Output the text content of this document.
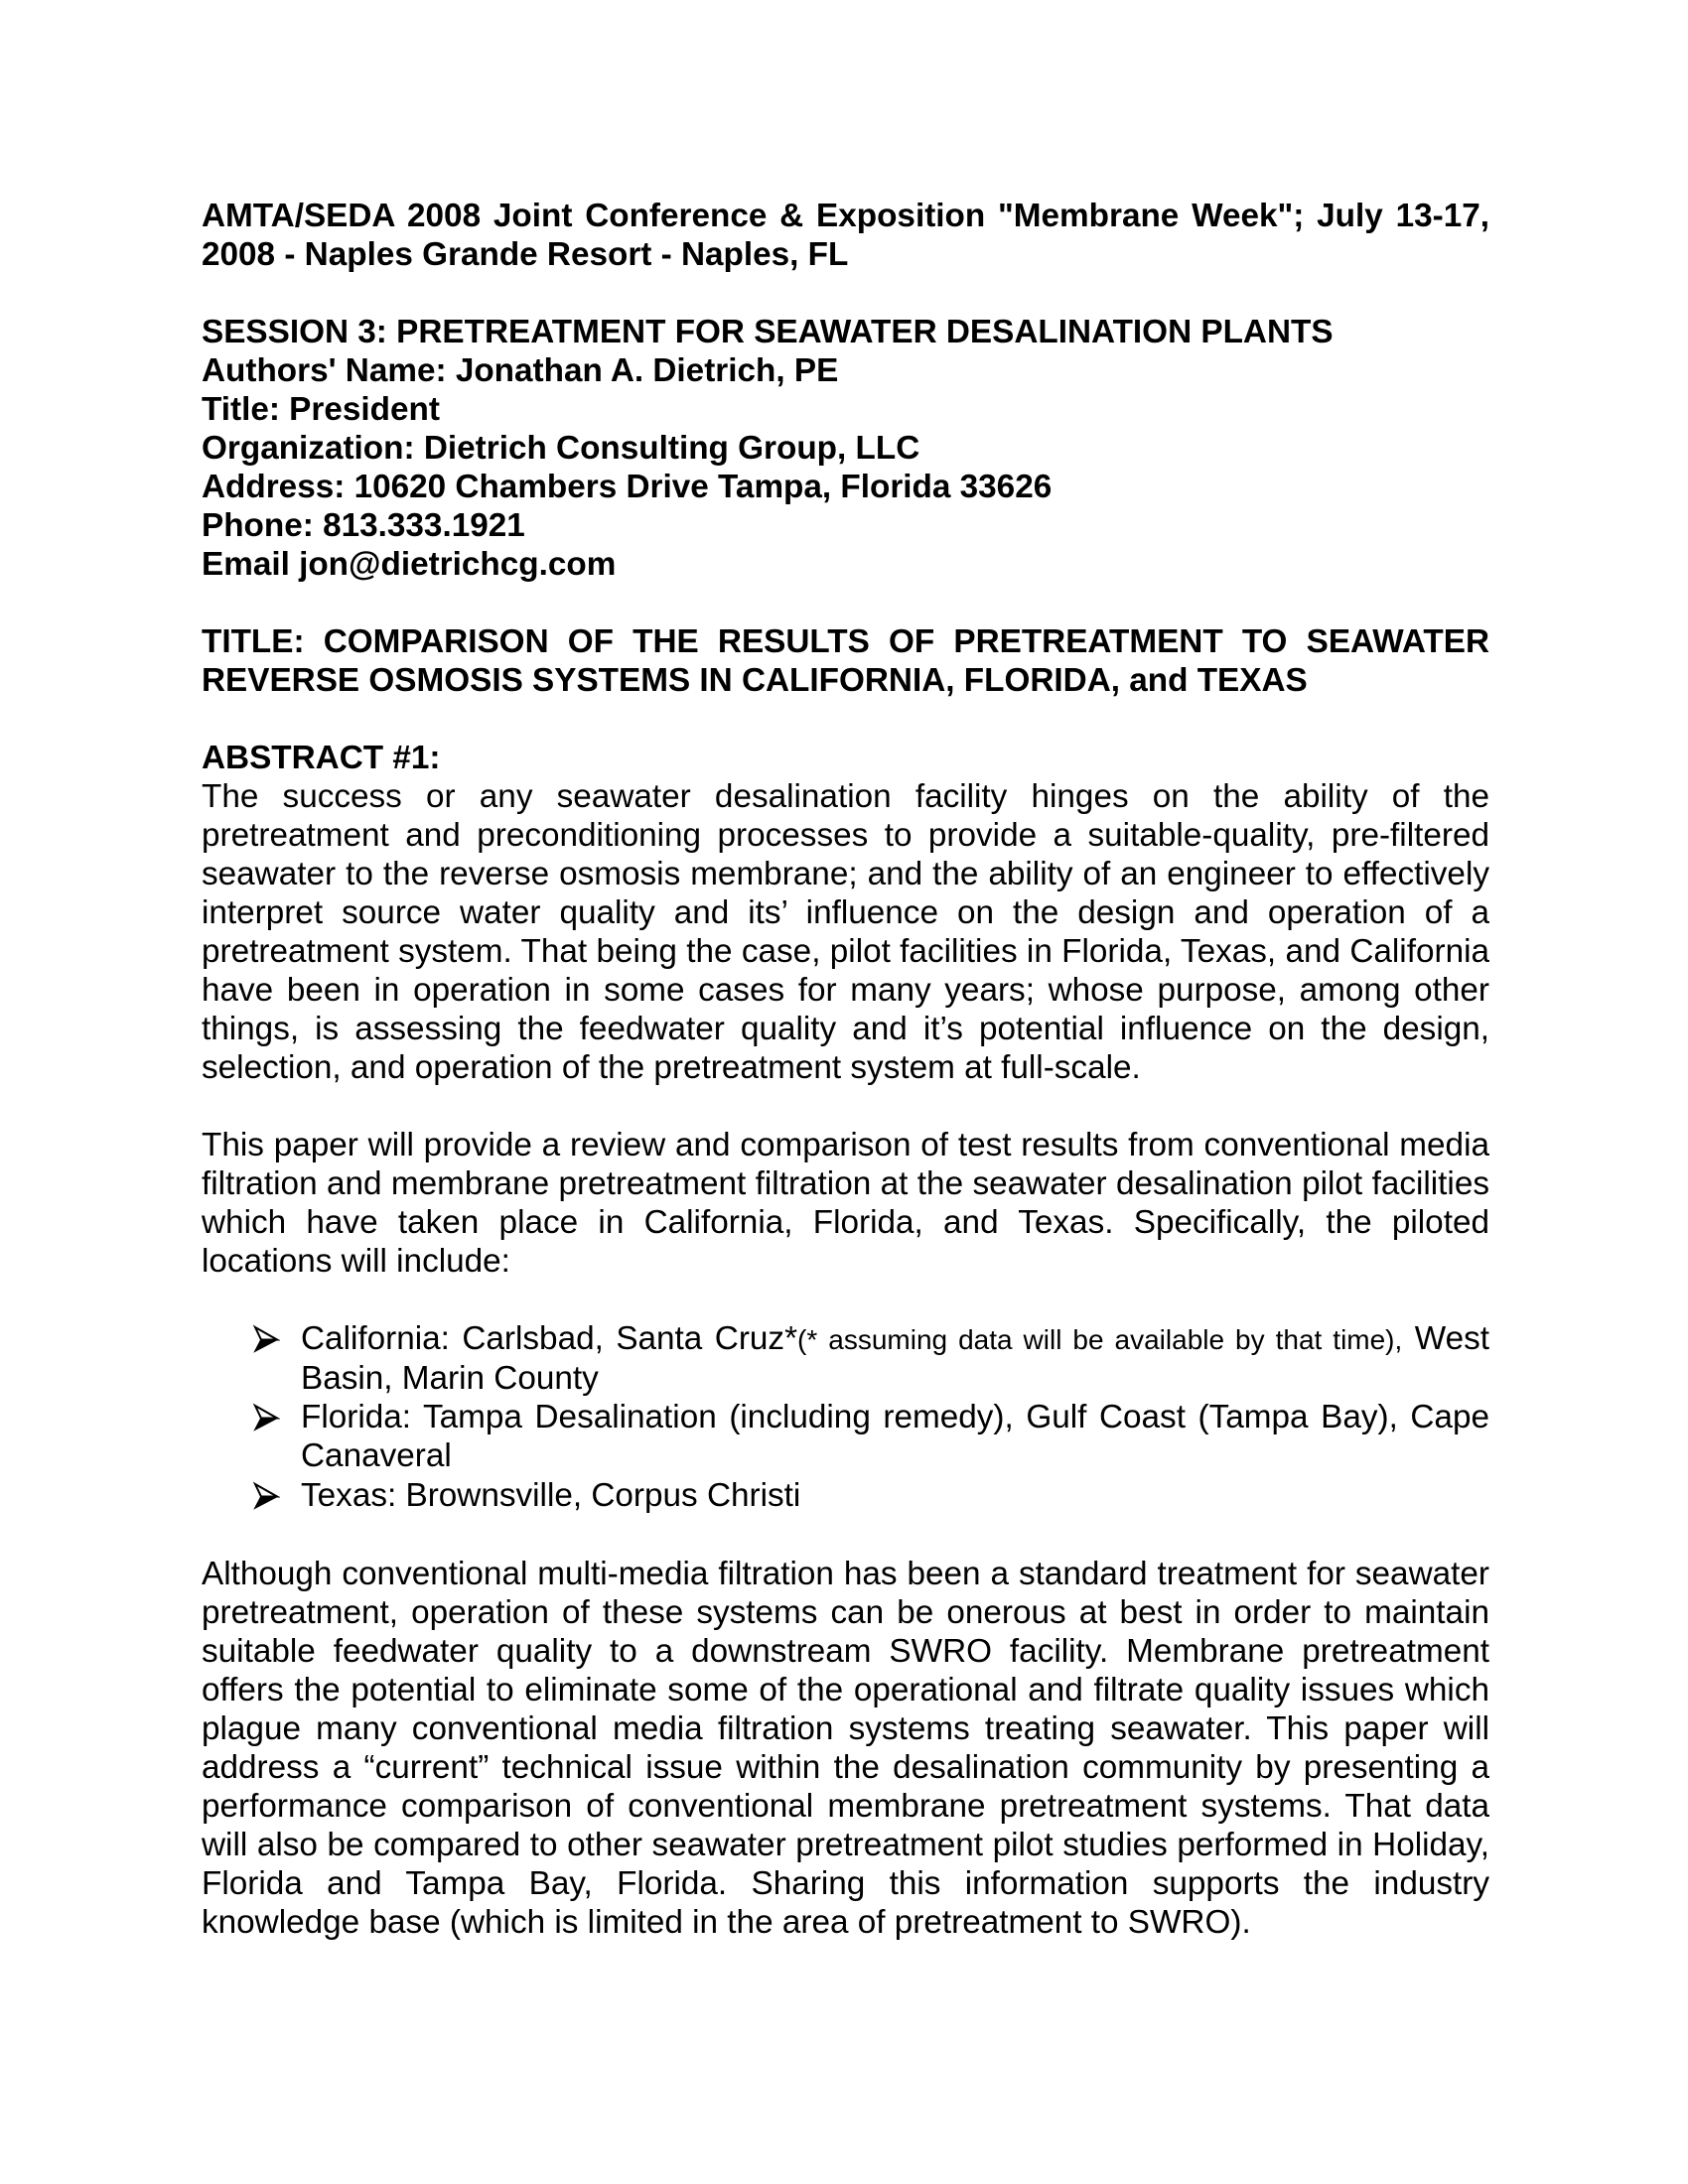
AMTA/SEDA 2008 Joint Conference & Exposition "Membrane Week"; July 13-17, 2008 - Naples Grande Resort - Naples, FL

SESSION 3: PRETREATMENT FOR SEAWATER DESALINATION PLANTS
Authors' Name: Jonathan A. Dietrich, PE
Title: President
Organization: Dietrich Consulting Group, LLC
Address: 10620 Chambers Drive Tampa, Florida 33626
Phone: 813.333.1921
Email jon@dietrichcg.com

TITLE: COMPARISON OF THE RESULTS OF PRETREATMENT TO SEAWATER REVERSE OSMOSIS SYSTEMS IN CALIFORNIA, FLORIDA, and TEXAS

ABSTRACT #1:

The success or any seawater desalination facility hinges on the ability of the pretreatment and preconditioning processes to provide a suitable-quality, pre-filtered seawater to the reverse osmosis membrane; and the ability of an engineer to effectively interpret source water quality and its’ influence on the design and operation of a pretreatment system. That being the case, pilot facilities in Florida, Texas, and California have been in operation in some cases for many years; whose purpose, among other things, is assessing the feedwater quality and it’s potential influence on the design, selection, and operation of the pretreatment system at full-scale.

This paper will provide a review and comparison of test results from conventional media filtration and membrane pretreatment filtration at the seawater desalination pilot facilities which have taken place in California, Florida, and Texas. Specifically, the piloted locations will include:

California: Carlsbad, Santa Cruz*(* assuming data will be available by that time), West Basin, Marin County
Florida: Tampa Desalination (including remedy), Gulf Coast (Tampa Bay), Cape Canaveral
Texas: Brownsville, Corpus Christi

Although conventional multi-media filtration has been a standard treatment for seawater pretreatment, operation of these systems can be onerous at best in order to maintain suitable feedwater quality to a downstream SWRO facility. Membrane pretreatment offers the potential to eliminate some of the operational and filtrate quality issues which plague many conventional media filtration systems treating seawater. This paper will address a “current” technical issue within the desalination community by presenting a performance comparison of conventional membrane pretreatment systems. That data will also be compared to other seawater pretreatment pilot studies performed in Holiday, Florida and Tampa Bay, Florida. Sharing this information supports the industry knowledge base (which is limited in the area of pretreatment to SWRO).
